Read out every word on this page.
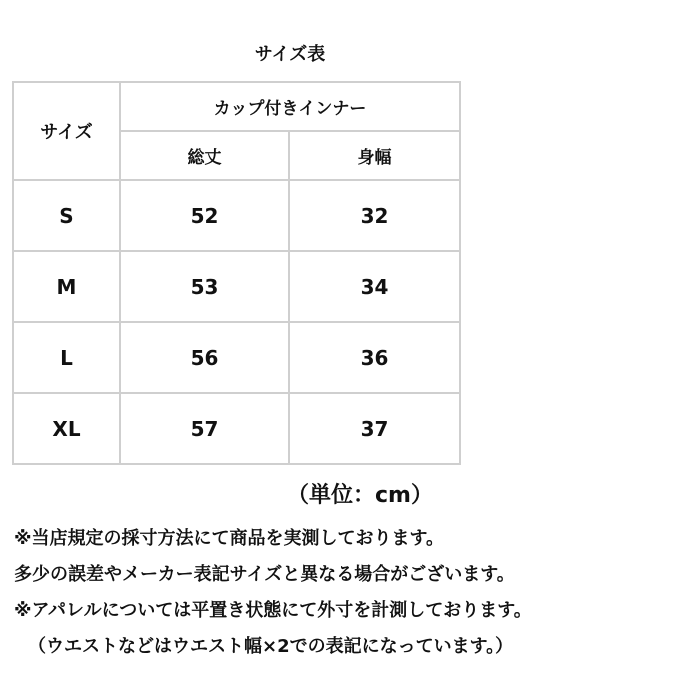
サイズ表
サイズ	カップ付きインナー	
	総丈	身幅
S	52	32
M	53	34
L	56	36
XL	57	37
（単位：cm）
※当店規定の採寸方法にて商品を実測しております。
多少の誤差やメーカー表記サイズと異なる場合がございます。
※アパレルについては平置き状態にて外寸を計測しております。
（ウエストなどはウエスト幅×2での表記になっています。）
